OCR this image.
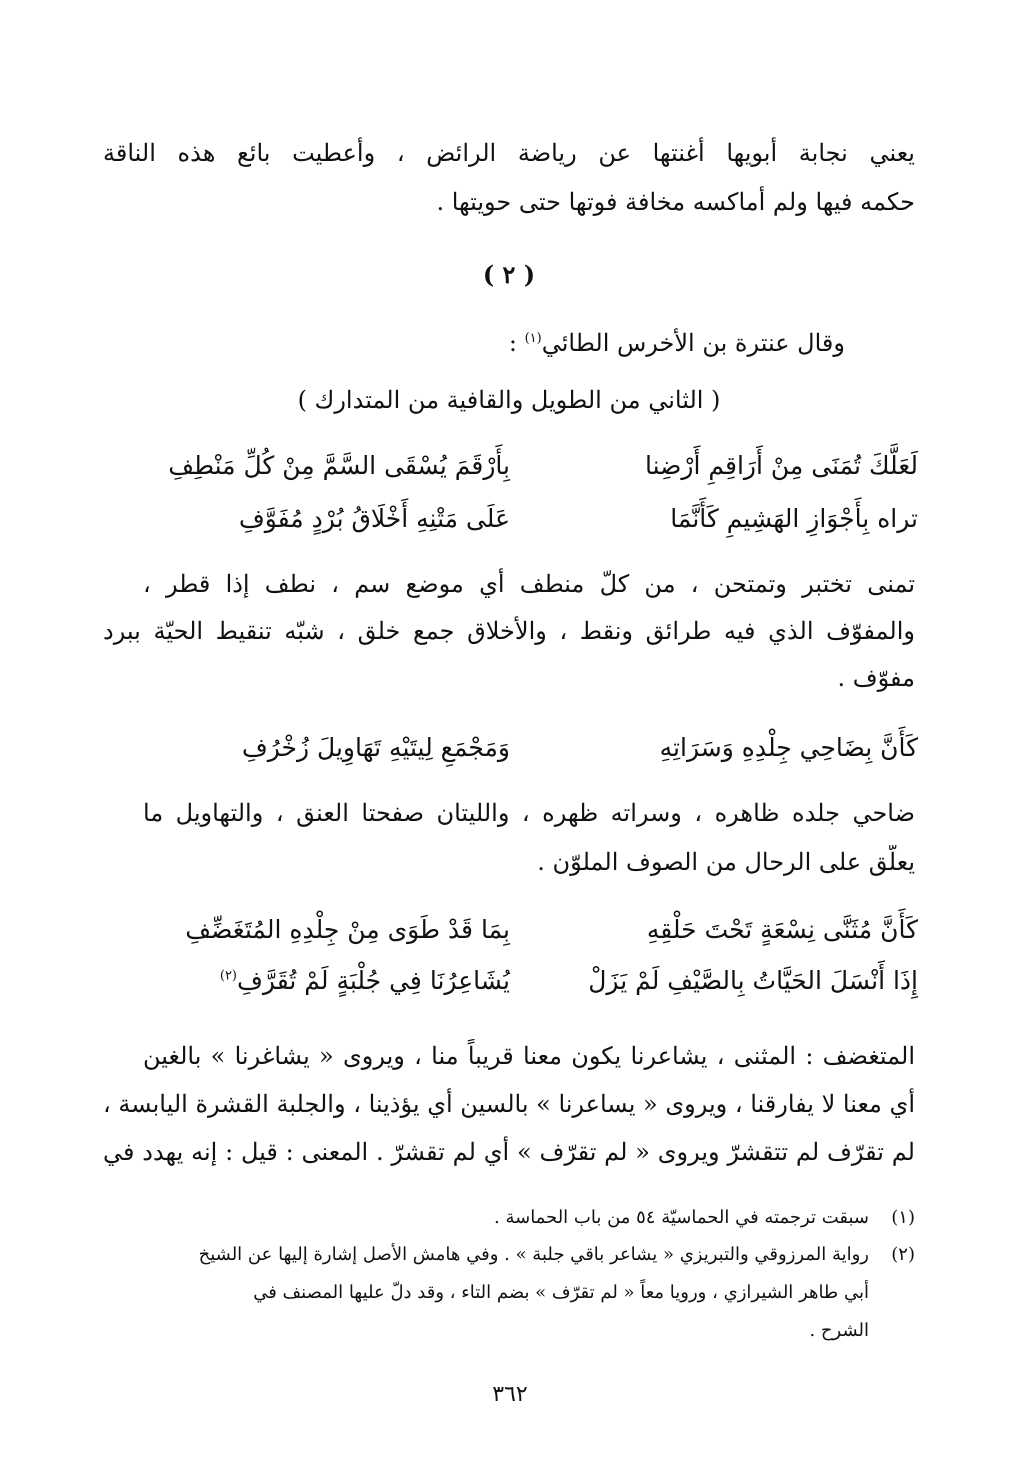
يعني نجابة أبويها أغنتها عن رياضة الرائض ، وأعطيت بائع هذه الناقة
حكمه فيها ولم أماكسه مخافة فوتها حتى حويتها .
( ٢ )
وقال عنترة بن الأخرس الطائي$^{(١)}$ :
( الثاني من الطويل والقافية من المتدارك )
لَعَلَّكَ تُمَنَى مِنْ أَرَاقِمِ أَرْضِنا
بِأَرْقَمَ يُسْقَى السَّمَّ مِنْ كُلِّ مَنْطِفِ
تراه بِأَجْوَازِ الهَشِيمِ كَأَنَّمَا
عَلَى مَتْنِهِ أَخْلَاقُ بُرْدٍ مُفَوَّفِ
تمنى تختبر وتمتحن ، من كلّ منطف أي موضع سم ، نطف إذا قطر ،
والمفوّف الذي فيه طرائق ونقط ، والأخلاق جمع خلق ، شبّه تنقيط الحيّة ببرد
مفوّف .
كَأَنَّ بِضَاحِي جِلْدِهِ وَسَرَاتِهِ
وَمَجْمَعِ لِيتَيْهِ تَهَاوِيلَ زُخْرُفِ
ضاحي جلده ظاهره ، وسراته ظهره ، والليتان صفحتا العنق ، والتهاويل ما
يعلّق على الرحال من الصوف الملوّن .
كَأَنَّ مُثَنَّى نِسْعَةٍ تَحْتَ حَلْقِهِ
بِمَا قَدْ طَوَى مِنْ جِلْدِهِ المُتَغَضِّفِ
إِذَا أَنْسَلَ الحَيَّاتُ بِالصَّيْفِ لَمْ يَزَلْ
يُشَاعِرُنَا فِي جُلْبَةٍ لَمْ تُقَرَّفِ$^{(٢)}$
المتغضف : المثنى ، يشاعرنا يكون معنا قريباً منا ، ويروى « يشاغرنا » بالغين
أي معنا لا يفارقنا ، ويروى « يساعرنا » بالسين أي يؤذينا ، والجلبة القشرة اليابسة ،
لم تقرّف لم تتقشرّ ويروى « لم تقرّف » أي لم تقشرّ . المعنى : قيل : إنه يهدد في
(١)سبقت ترجمته في الحماسيّة ٥٤ من باب الحماسة .
(٢)رواية المرزوقي والتبريزي « يشاعر باقي جلبة » . وفي هامش الأصل إشارة إليها عن الشيخ
أبي طاهر الشيرازي ، ورويا معاً « لم تقرّف » بضم التاء ، وقد دلّ عليها المصنف في
الشرح .
٣٦٢
